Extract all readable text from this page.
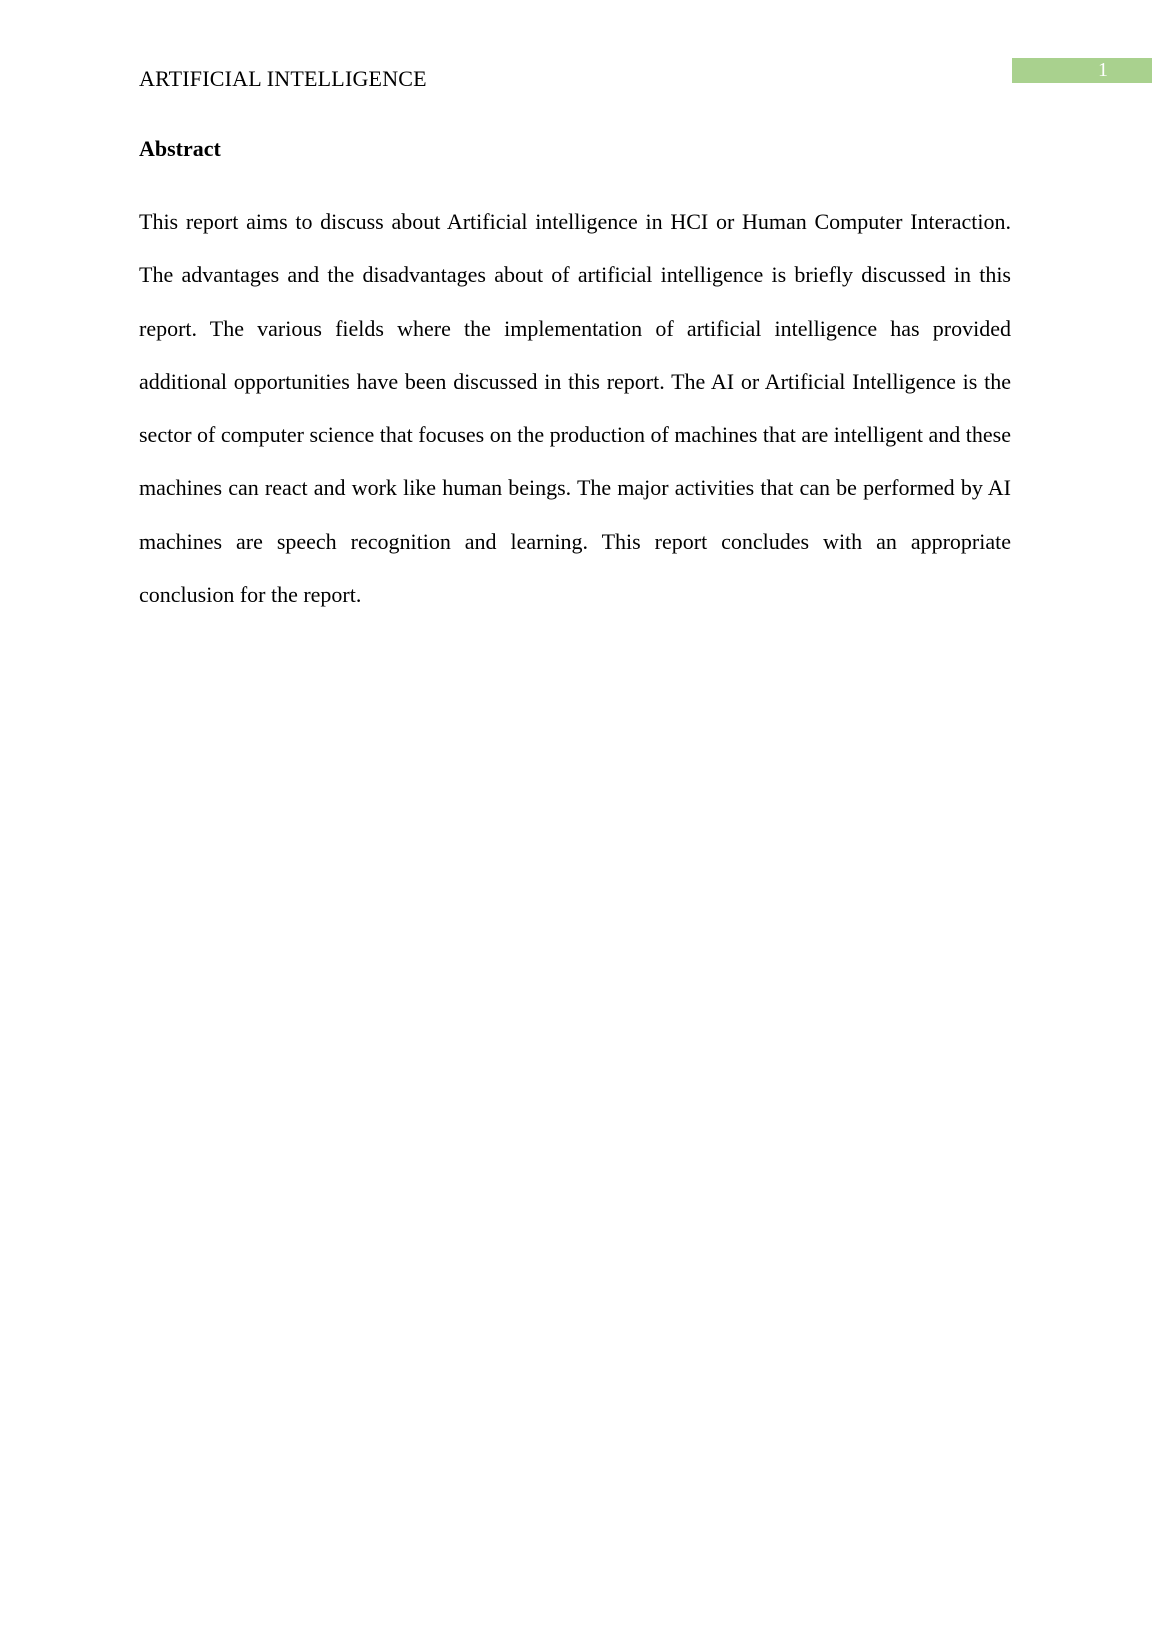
ARTIFICIAL INTELLIGENCE	1
Abstract

This report aims to discuss about Artificial intelligence in HCI or Human Computer Interaction. The advantages and the disadvantages about of artificial intelligence is briefly discussed in this report. The various fields where the implementation of artificial intelligence has provided additional opportunities have been discussed in this report. The AI or Artificial Intelligence is the sector of computer science that focuses on the production of machines that are intelligent and these machines can react and work like human beings. The major activities that can be performed by AI machines are speech recognition and learning. This report concludes with an appropriate conclusion for the report.
